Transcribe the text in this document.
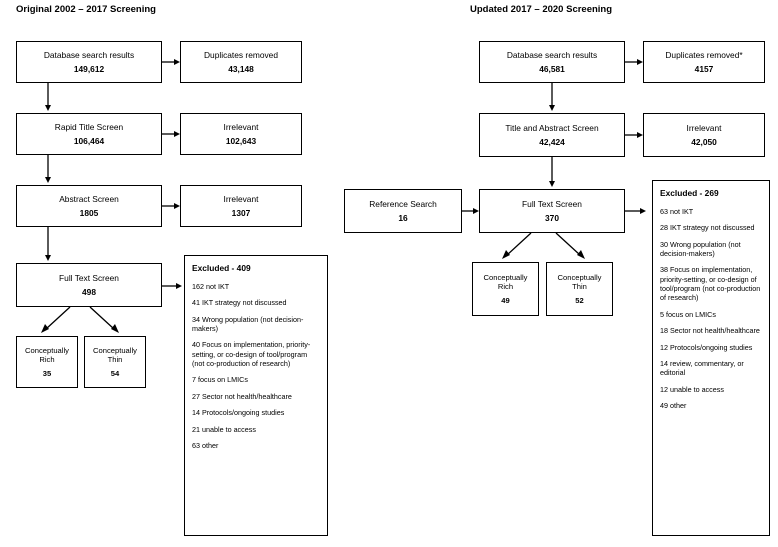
Original 2002 – 2017 Screening
Database search results
149,612
Duplicates removed
43,148
Rapid Title Screen
106,464
Irrelevant
102,643
Abstract Screen
1805
Irrelevant
1307
Full Text Screen
498
Conceptually Rich
35
Conceptually Thin
54
Excluded - 409
162 not IKT
41 IKT strategy not discussed
34 Wrong population (not decision-makers)
40 Focus on implementation, priority-setting, or co-design of tool/program (not co-production of research)
7 focus on LMICs
27 Sector not health/healthcare
14 Protocols/ongoing studies
21 unable to access
63 other
Updated 2017 – 2020 Screening
Database search results
46,581
Duplicates removed*
4157
Title and Abstract Screen
42,424
Irrelevant
42,050
Reference Search
16
Full Text Screen
370
Conceptually Rich
49
Conceptually Thin
52
Excluded - 269
63 not IKT
28 IKT strategy not discussed
30 Wrong population (not decision-makers)
38 Focus on implementation, priority-setting, or co-design of tool/program (not co-production of research)
5 focus on LMICs
18 Sector not health/healthcare
12 Protocols/ongoing studies
14 review, commentary, or editorial
12 unable to access
49 other
